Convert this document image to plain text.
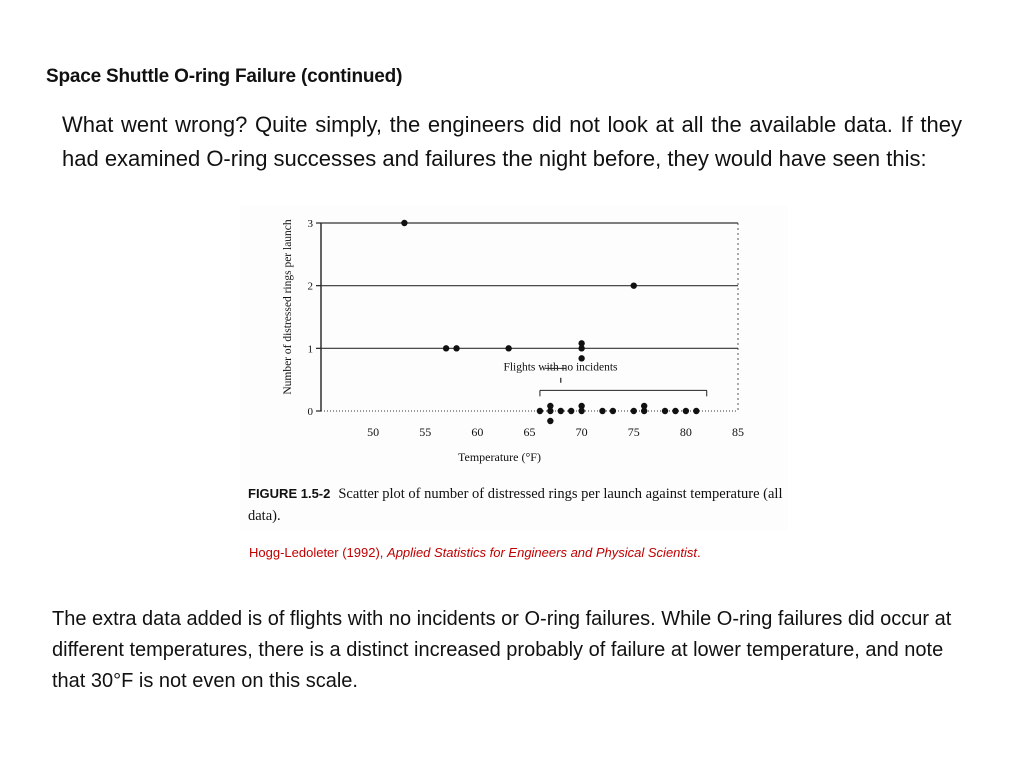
Space Shuttle O-ring Failure (continued)
What went wrong? Quite simply, the engineers did not look at all the available data. If they had examined O-ring successes and failures the night before, they would have seen this:
0
1
2
3
50	55	60	65	70	75	80	85
Temperature (°F)
Number of distressed rings per launch	Flights with no incidents
FIGURE 1.5-2 Scatter plot of number of distressed rings per launch against temperature (all data).
Hogg-Ledoleter (1992), Applied Statistics for Engineers and Physical Scientist.
The extra data added is of flights with no incidents or O-ring failures. While O-ring failures did occur at different temperatures, there is a distinct increased probably of failure at lower temperature, and note that 30°F is not even on this scale.
